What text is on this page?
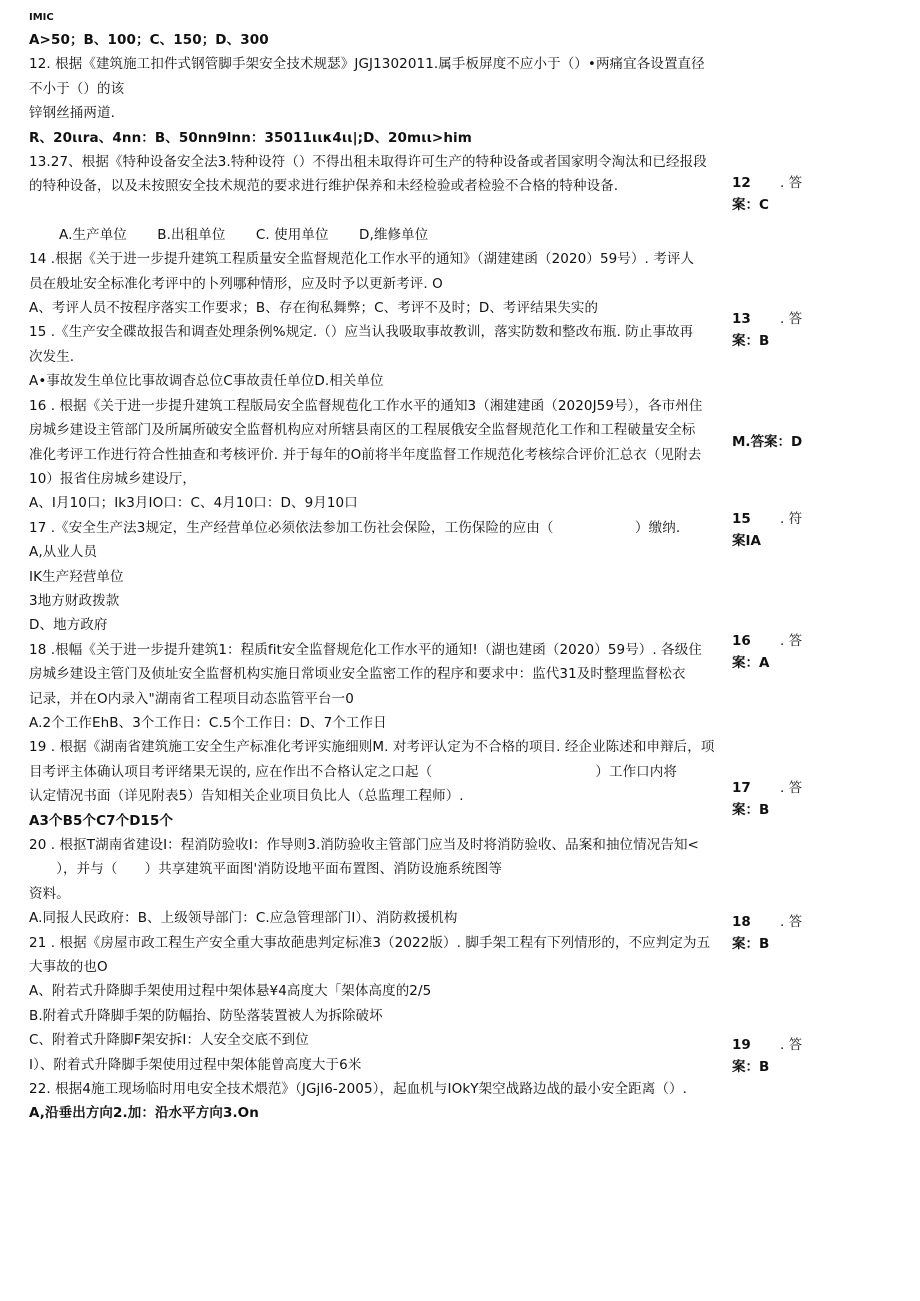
IMIC
A>50；B、100；C、150；D、300
12. 根据《建筑施工扣件式钢管脚手架安全技术规瑟》JGJ1302011.属手板屏度不应小于（）•两痛宜各设置直径
不小于（）的该
锌钢丝捅两道.
R、20ιιra、4nn：B、50nn9lnn：35011ιικ4ιι|;D、20mιι>him
13.27、根据《特种设备安全法3.特种设符（）不得出租未取得许可生产的特种设备或者国家明令淘汰和已经报段
的特种设备，以及未按照安全技术规范的要求进行维护保养和未经检验或者检验不合格的特种设备.
A.生产单位 B.出租单位 C. 使用单位 D,维修单位
14 .根据《关于进一步提升建筑工程质量安全监督规范化工作水平的通知》（湖建建函（2020）59号）. 考评人
员在般址安全标准化考评中的卜列哪种情形，应及时予以更新考评. O
A、考评人员不按程序落实工作要求；B、存在徇私舞弊；C、考评不及时；D、考评结果失实的
15 .《生产安全碟故报告和调查处理条例%规定.（）应当认我吸取事故教训，落实防数和整改布瓶. 防止事故再
次发生.
A•事故发生单位比事故调杳总位C事故责任单位D.相关单位
16 . 根据《关于进一步提升建筑工程版局安全监督规苞化工作水平的通知3（湘建建函（2020J59号），各市州住
房城乡建设主管部门及所属所破安全监督机构应对所辖县南区的工程展俄安全监督规范化工作和工程破量安全标
准化考评工作进行符合性抽查和考核评价. 并于每年的O前将半年度监督工作规范化考核综合评价汇总衣（见附去
10）报省住房城乡建设厅，
A、I月10口；Ik3月IO口：C、4月10口：D、9月10口
17 .《安全生产法3规定，生产经营单位必须依法参加工伤社会保险，工伤保险的应由（　　　　　　）缴纳.
A,从业人员
IK生产羟营单位
3地方财政拨款
D、地方政府
18 .根幅《关于进一步提升建筑1：程质fit安全监督规危化工作水平的通知!（湖也建函（2020）59号）. 各级住
房城乡建设主管门及侦址安全监督机构实施日常顷业安全监密工作的程序和要求中：监代31及时整理监督松衣
记录，并在O内录入"湖南省工程项目动态监管平台一0
A.2个工作EhB、3个工作日：C.5个工作日：D、7个工作日
19 . 根据《湖南省建筑施工安全生产标准化考评实施细则M. 对考评认定为不合格的项目. 经企业陈述和申辩后，项
目考评主体确认项目考评绪果无误的, 应在作出不合格认定之口起（　　　　　　　　　　　　）工作口内将
认定情况书面（详见附表5）告知相关企业项目负比人（总监理工程师）.
A3个B5个C7个D15个
20 . 根抠T湖南省建设I：程消防验收I：作导则3.消防验收主管部门应当及时将消防验收、品案和抽位情况告知<
　　），并与（　　）共享建筑平面图'消防设地平面布置图、消防设施系统图等
资料。
A.同报人民政府：B、上级领导部门：C.应急管理部门I）、消防救援机构
21 . 根据《房屋市政工程生产安全重大事故葩患判定标准3（2022版）. 脚手架工程有下列情形的，不应判定为五
大事故的也O
A、附若式升降脚手架使用过程中架体悬¥4高度大「架体高度的2/5
B.附着式升降脚手架的防幅抬、防坠落装置被人为拆除破坏
C、附着式升降脚F架安拆I：人安全交底不到位
I）、附着式升降脚手架使用过程中架体能曾高度大于6米
22. 根据4施工现场临时用电安全技术煨范》（JGjl6-2005），起血机与IOkY架空战路边战的最小安全距离（）.
A,沿垂出方向2.加：沿水平方向3.On
12 . 答
案：C
13 . 答
案：B
M.答案：D
15 . 符
案IA
16 . 答
案：A
17 . 答
案：B
18 . 答
案：B
19 . 答
案：B
